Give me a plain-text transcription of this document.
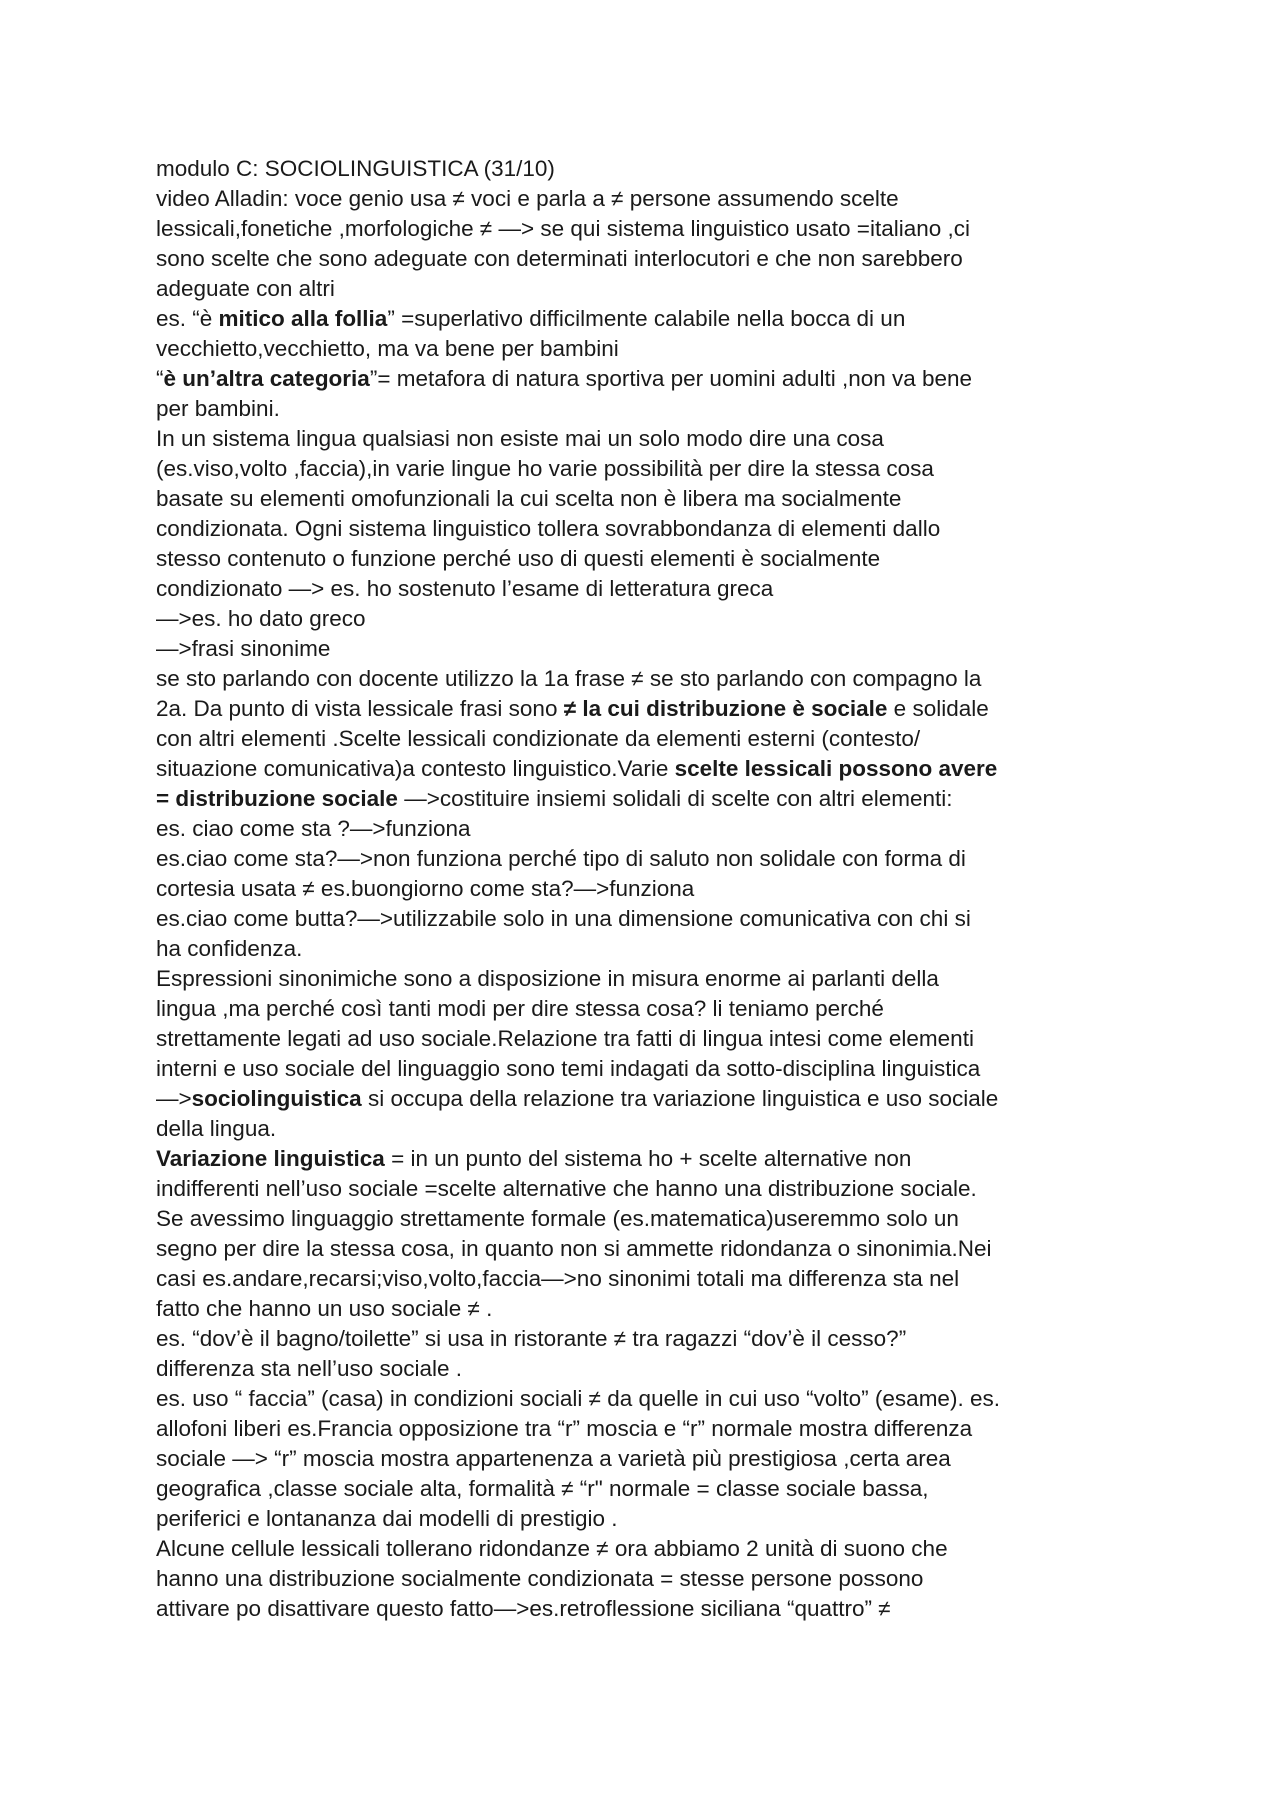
modulo C: SOCIOLINGUISTICA (31/10)
video Alladin: voce genio usa ≠ voci e parla a ≠ persone assumendo scelte
lessicali,fonetiche ,morfologiche ≠ —> se qui sistema linguistico usato =italiano ,ci
sono scelte che sono adeguate con determinati interlocutori e che non sarebbero
adeguate con altri
es. “è mitico alla follia” =superlativo difficilmente calabile nella bocca di un
vecchietto,vecchietto, ma va bene per bambini
“è un’altra categoria”= metafora di natura sportiva per uomini adulti ,non va bene
per bambini.
In un sistema lingua qualsiasi non esiste mai un solo modo dire una cosa
(es.viso,volto ,faccia),in varie lingue ho varie possibilità per dire la stessa cosa
basate su elementi omofunzionali la cui scelta non è libera ma socialmente
condizionata. Ogni sistema linguistico tollera sovrabbondanza di elementi dallo
stesso contenuto o funzione perché uso di questi elementi è socialmente
condizionato —> es. ho sostenuto l’esame di letteratura greca
—>es. ho dato greco
—>frasi sinonime
se sto parlando con docente utilizzo la 1a frase ≠ se sto parlando con compagno la
2a. Da punto di vista lessicale frasi sono ≠ la cui distribuzione è sociale e solidale
con altri elementi .Scelte lessicali condizionate da elementi esterni (contesto/
situazione comunicativa)a contesto linguistico.Varie scelte lessicali possono avere
= distribuzione sociale —>costituire insiemi solidali di scelte con altri elementi:
es. ciao come sta ?—>funziona
es.ciao come sta?—>non funziona perché tipo di saluto non solidale con forma di
cortesia usata ≠ es.buongiorno come sta?—>funziona
es.ciao come butta?—>utilizzabile solo in una dimensione comunicativa con chi si
ha confidenza.
Espressioni sinonimiche sono a disposizione in misura enorme ai parlanti della
lingua ,ma perché così tanti modi per dire stessa cosa? li teniamo perché
strettamente legati ad uso sociale.Relazione tra fatti di lingua intesi come elementi
interni e uso sociale del linguaggio sono temi indagati da sotto-disciplina linguistica
—>sociolinguistica si occupa della relazione tra variazione linguistica e uso sociale
della lingua.
Variazione linguistica = in un punto del sistema ho + scelte alternative non
indifferenti nell’uso sociale =scelte alternative che hanno una distribuzione sociale.
Se avessimo linguaggio strettamente formale (es.matematica)useremmo solo un
segno per dire la stessa cosa, in quanto non si ammette ridondanza o sinonimia.Nei
casi es.andare,recarsi;viso,volto,faccia—>no sinonimi totali ma differenza sta nel
fatto che hanno un uso sociale ≠ .
es. “dov’è il bagno/toilette” si usa in ristorante ≠ tra ragazzi “dov’è il cesso?”
differenza sta nell’uso sociale .
es. uso “ faccia” (casa) in condizioni sociali ≠ da quelle in cui uso “volto” (esame). es.
allofoni liberi es.Francia opposizione tra “r” moscia e “r” normale mostra differenza
sociale —> “r” moscia mostra appartenenza a varietà più prestigiosa ,certa area
geografica ,classe sociale alta, formalità ≠ “r" normale = classe sociale bassa,
periferici e lontananza dai modelli di prestigio .
Alcune cellule lessicali tollerano ridondanze ≠ ora abbiamo 2 unità di suono che
hanno una distribuzione socialmente condizionata = stesse persone possono
attivare po disattivare questo fatto—>es.retroflessione siciliana “quattro” ≠
